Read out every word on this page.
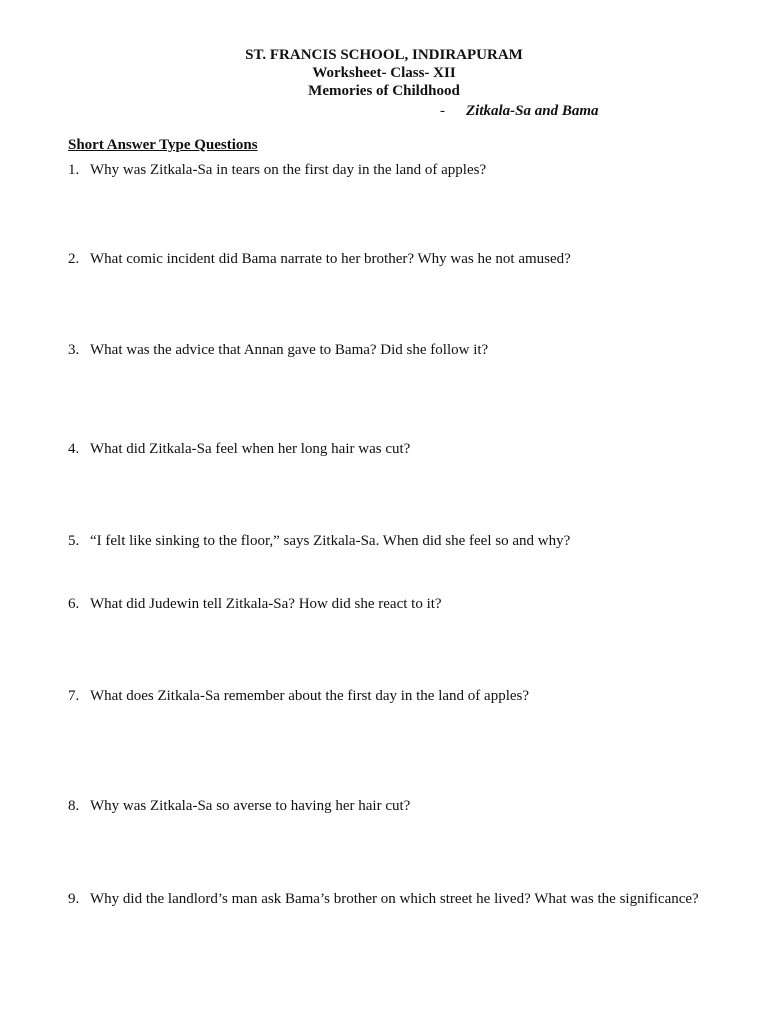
ST. FRANCIS SCHOOL, INDIRAPURAM
Worksheet- Class- XII
Memories of Childhood
- Zitkala-Sa and Bama
Short Answer Type Questions
1. Why was Zitkala-Sa in tears on the first day in the land of apples?
2. What comic incident did Bama narrate to her brother? Why was he not amused?
3. What was the advice that Annan gave to Bama? Did she follow it?
4. What did Zitkala-Sa feel when her long hair was cut?
5. “I felt like sinking to the floor,” says Zitkala-Sa. When did she feel so and why?
6. What did Judewin tell Zitkala-Sa? How did she react to it?
7. What does Zitkala-Sa remember about the first day in the land of apples?
8. Why was Zitkala-Sa so averse to having her hair cut?
9. Why did the landlord’s man ask Bama’s brother on which street he lived? What was the significance?
